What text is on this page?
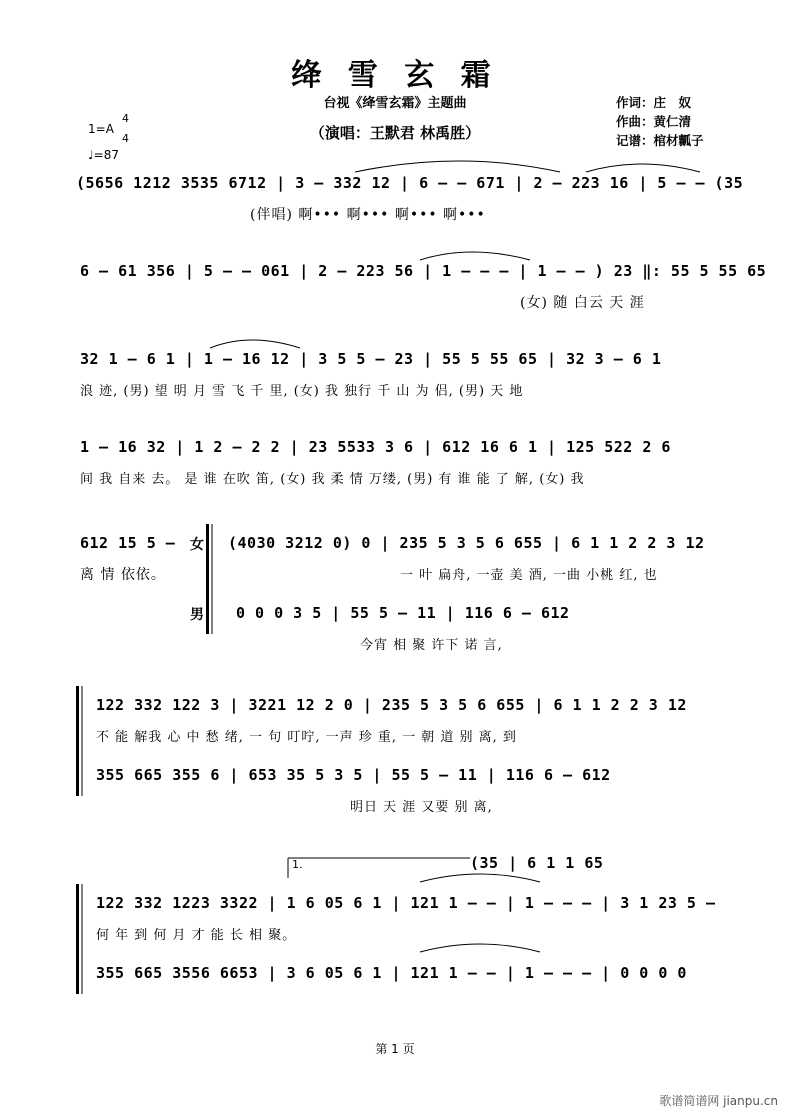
绛 雪 玄 霜
台视《绛雪玄霜》主题曲
（演唱：王默君 林禹胜）
作词：庄　奴
作曲：黄仁清
记谱：棺材瓤子
1=A
4
4
♩=87
(5656 1212 3535 6712 | 3 – 332 12 | 6 – – 671 | 2 – 223 16 | 5 – – (35
(伴唱) 啊••• 啊••• 啊••• 啊•••
6 – 61 356 | 5 – – 061 | 2 – 223 56 | 1 – – – | 1 – – ) 23 ‖: 55 5 55 65
(女) 随 白云 天 涯
32 1 – 6 1 | 1 – 16 12 | 3 5 5 – 23 | 55 5 55 65 | 32 3 – 6 1
浪 迹, (男) 望 明 月 雪 飞 千 里, (女) 我 独行 千 山 为 侣, (男) 天 地
1 – 16 32 | 1 2 – 2 2 | 23 5533 3 6 | 612 16 6 1 | 125 522 2 6
间 我 自来 去。 是 谁 在吹 笛, (女) 我 柔 情 万缕, (男) 有 谁 能 了 解, (女) 我
612 15 5 –
离 情 依依。
女
男
(4030 3212 0) 0 | 235 5 3 5 6 655 | 6 1 1 2 2 3 12
一 叶 扁舟, 一壶 美 酒, 一曲 小桃 红, 也
0 0 0 3 5 | 55 5 – 11 | 116 6 – 612
今宵 相 聚 许下 诺 言,
122 332 122 3 | 3221 12 2 0 | 235 5 3 5 6 655 | 6 1 1 2 2 3 12
不 能 解我 心 中 愁 绪, 一 句 叮咛, 一声 珍 重, 一 朝 道 别 离, 到
355 665 355 6 | 653 35 5 3 5 | 55 5 – 11 | 116 6 – 612
明日 天 涯 又要 别 离,
1.	(35 | 6 1 1 65
122 332 1223 3322 | 1 6 05 6 1 | 121 1 – – | 1 – – – | 3 1 23 5 –
何 年 到 何 月 才 能 长 相 聚。
355 665 3556 6653 | 3 6 05 6 1 | 121 1 – – | 1 – – – | 0 0 0 0
第 1 页
歌谱简谱网 jianpu.cn
